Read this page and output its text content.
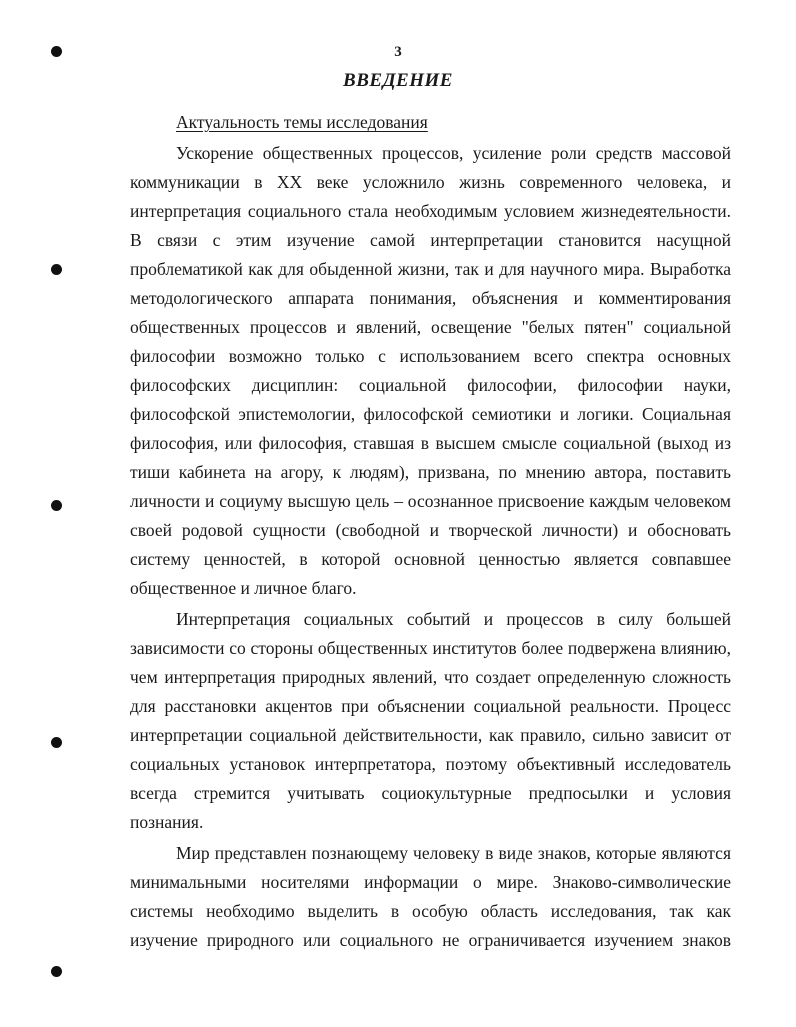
3
ВВЕДЕНИЕ
Актуальность темы исследования
Ускорение общественных процессов, усиление роли средств массовой
коммуникации в XX веке усложнило жизнь современного человека, и
интерпретация социального стала необходимым условием жизнедеятельности.
В связи с этим изучение самой интерпретации становится насущной
проблематикой как для обыденной жизни, так и для научного мира. Выработка
методологического аппарата понимания, объяснения и комментирования
общественных процессов и явлений, освещение "белых пятен" социальной
философии возможно только с использованием всего спектра основных
философских дисциплин: социальной философии, философии науки,
философской эпистемологии, философской семиотики и логики. Социальная
философия, или философия, ставшая в высшем смысле социальной (выход из
тиши кабинета на агору, к людям), призвана, по мнению автора, поставить
личности и социуму высшую цель – осознанное присвоение каждым человеком
своей родовой сущности (свободной и творческой личности) и обосновать
систему ценностей, в которой основной ценностью является совпавшее
общественное и личное благо.
Интерпретация социальных событий и процессов в силу большей
зависимости со стороны общественных институтов более подвержена влиянию,
чем интерпретация природных явлений, что создает определенную сложность
для расстановки акцентов при объяснении социальной реальности. Процесс
интерпретации социальной действительности, как правило, сильно зависит от
социальных установок интерпретатора, поэтому объективный исследователь
всегда стремится учитывать социокультурные предпосылки и условия
познания.
Мир представлен познающему человеку в виде знаков, которые являются
минимальными носителями информации о мире. Знаково-символические
системы необходимо выделить в особую область исследования, так как
изучение природного или социального не ограничивается изучением знаков
